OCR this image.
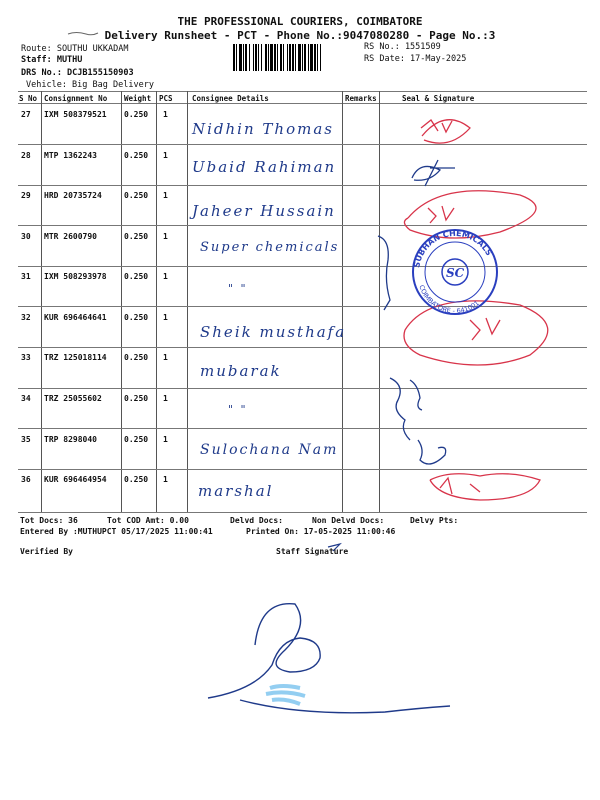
THE PROFESSIONAL COURIERS, COIMBATORE
Delivery Runsheet - PCT - Phone No.:9047080280 - Page No.:3
Route: SOUTHU UKKADAM
Staff: MUTHU
DRS No.: DCJB155150903
Vehicle: Big Bag Delivery
RS No.: 1551509
RS Date: 17-May-2025
S No Consignment No Weight PCS	Consignee Details	Remarks	Seal & Signature
27 IXM 508379521 0.250 1
Nidhin Thomas
28 MTP 1362243	0.250 1
Ubaid Rahiman
29 HRD 20735724	0.250 1
Jaheer Hussain
30 MTR 2600790	0.250 1
Super chemicals
31 IXM 508293978 0.250 1
" "
32 KUR 696464641 0.250 1
Sheik musthafa
33 TRZ 125018114 0.250 1
mubarak
34 TRZ 25055602	0.250 1
" "
35 TRP 8298040	0.250 1
Sulochana Nam
36 KUR 696464954 0.250 1
marshal
SUBHAN CHEMICALS
COIMBATORE - 641001
SC
Tot Docs: 36	Tot COD Amt: 0.00	Delvd Docs:	Non Delvd Docs:	Delvy Pts:
Entered By :MUTHUPCT 05/17/2025 11:00:41	Printed On: 17-05-2025 11:00:46
Verified By	Staff Signature
